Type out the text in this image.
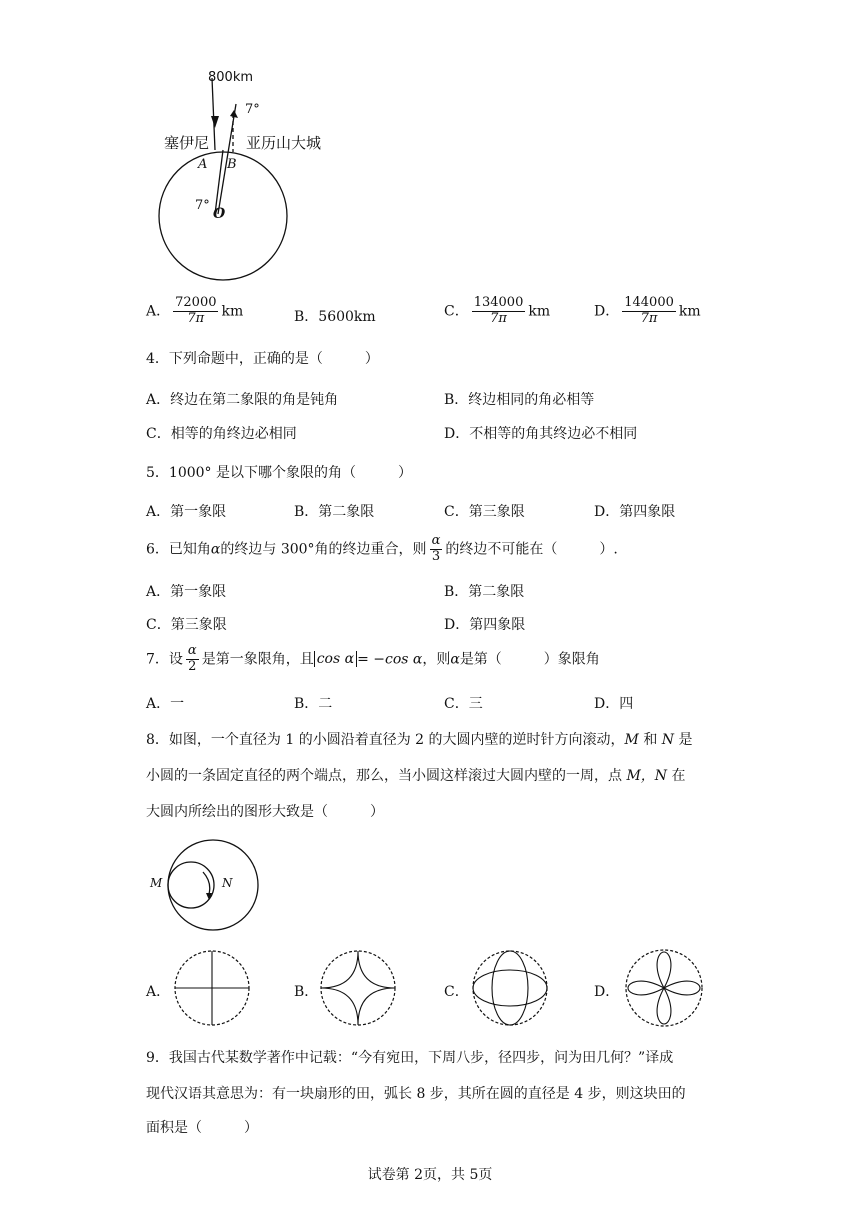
800km
7°
塞伊尼 亚历山大城
A B
7°
O
A． $\frac{72000}{7\pi}$ km	B．5600km	C． $\frac{134000}{7\pi}$ km	D． $\frac{144000}{7\pi}$ km
4．下列命题中，正确的是（　　　）
A．终边在第二象限的角是钝角	B．终边相同的角必相等
C．相等的角终边必相同	D．不相等的角其终边必不相同
5．1000° 是以下哪个象限的角（　　　）
A．第一象限	B．第二象限	C．第三象限	D．第四象限
6．已知角α的终边与 300°角的终边重合，则 $\frac{\alpha}{3}$ 的终边不可能在（　　　）.
A．第一象限	B．第二象限
C．第三象限	D．第四象限
7．设 $\frac{\alpha}{2}$ 是第一象限角，且 cos α = −cos α，则α是第（　　　）象限角
A．一	B．二	C．三	D．四
8．如图，一个直径为 1 的小圆沿着直径为 2 的大圆内壁的逆时针方向滚动，M 和 N 是
小圆的一条固定直径的两个端点，那么，当小圆这样滚过大圆内壁的一周，点 M，N 在
大圆内所绘出的图形大致是（　　　）
M	N
A．	B．	C．	D．
9．我国古代某数学著作中记载：“今有宛田，下周八步，径四步，问为田几何？”译成
现代汉语其意思为：有一块扇形的田，弧长 8 步，其所在圆的直径是 4 步，则这块田的
面积是（　　　）
试卷第 2页，共 5页
